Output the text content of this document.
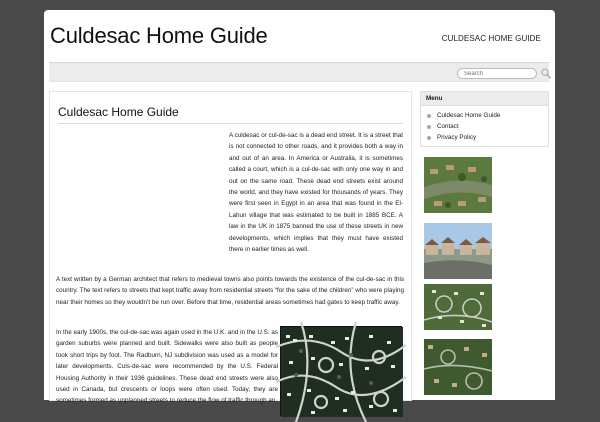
Culdesac Home Guide	CULDESAC HOME GUIDE
Search
Culdesac Home Guide

A culdesac or cul-de-sac is a dead end street. It is a street that is not connected to other roads, and it provides both a way in and out of an area. In America or Australia, it is sometimes called a court, which is a cul-de-sac with only one way in and out on the same road. These dead end streets exist around the world, and they have existed for thousands of years. They were first seen in Egypt in an area that was found in the El-Lahun village that was estimated to be built in 1885 BCE. A law in the UK in 1875 banned the use of these streets in new developments, which implies that they must have existed there in earlier times as well.

A text written by a German architect that refers to medieval towns also points towards the existence of the cul-de-sac in this country. The text refers to streets that kept traffic away from residential streets “for the sake of the children” who were playing near their homes so they wouldn’t be run over. Before that time, residential areas sometimes had gates to keep traffic away.

In the early 1900s, the cul-de-sac was again used in the U.K. and in the U.S. as garden suburbs were planned and built. Sidewalks were also built as people took short trips by foot. The Radburn, NJ subdivision was used as a model for later developments. Culs-de-sac were recommended by the U.S. Federal Housing Authority in their 1936 guidelines. These dead end streets were also used in Canada, but crescents or loops were often used. Today, they are sometimes formed as unplanned streets to reduce the flow of traffic through an

Menu
Culdesac Home Guide
Contact
Privacy Policy
